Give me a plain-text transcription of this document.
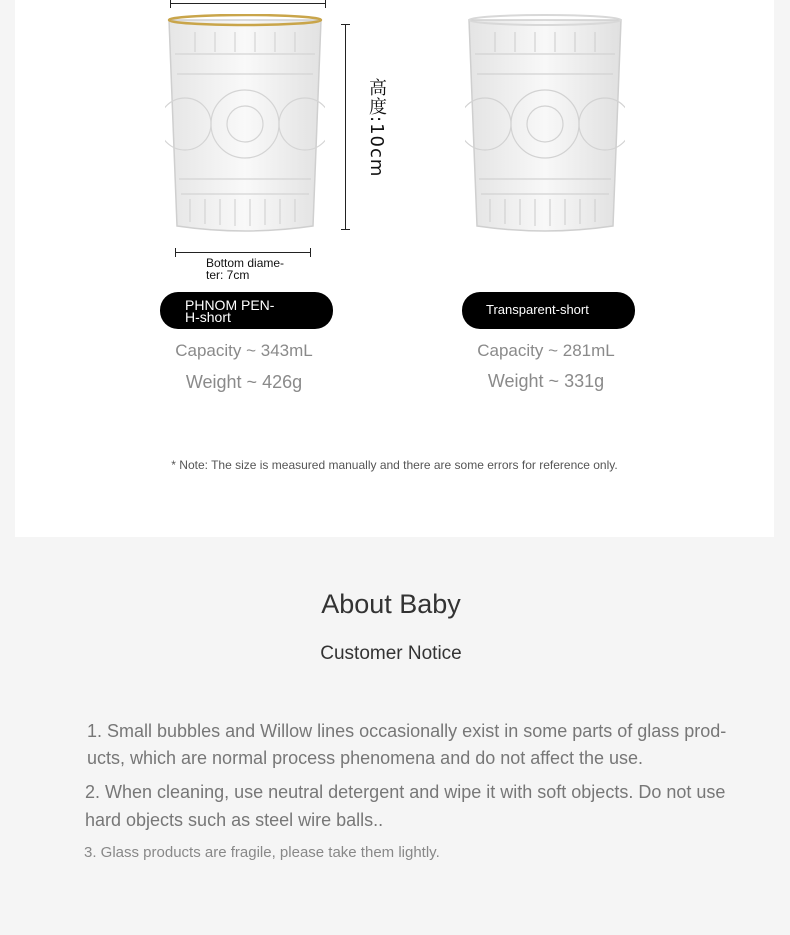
高度:10cm
Bottom diame-
ter: 7cm
PHNOM PEN-
H-short	Transparent-short
Capacity ~ 343mL
Weight ~ 426g
Capacity ~ 281mL
Weight ~ 331g
* Note: The size is measured manually and there are some errors for reference only.
About Baby
Customer Notice
1. Small bubbles and Willow lines occasionally exist in some parts of glass prod-ucts, which are normal process phenomena and do not affect the use.
2. When cleaning, use neutral detergent and wipe it with soft objects. Do not use hard objects such as steel wire balls..
3. Glass products are fragile, please take them lightly.
